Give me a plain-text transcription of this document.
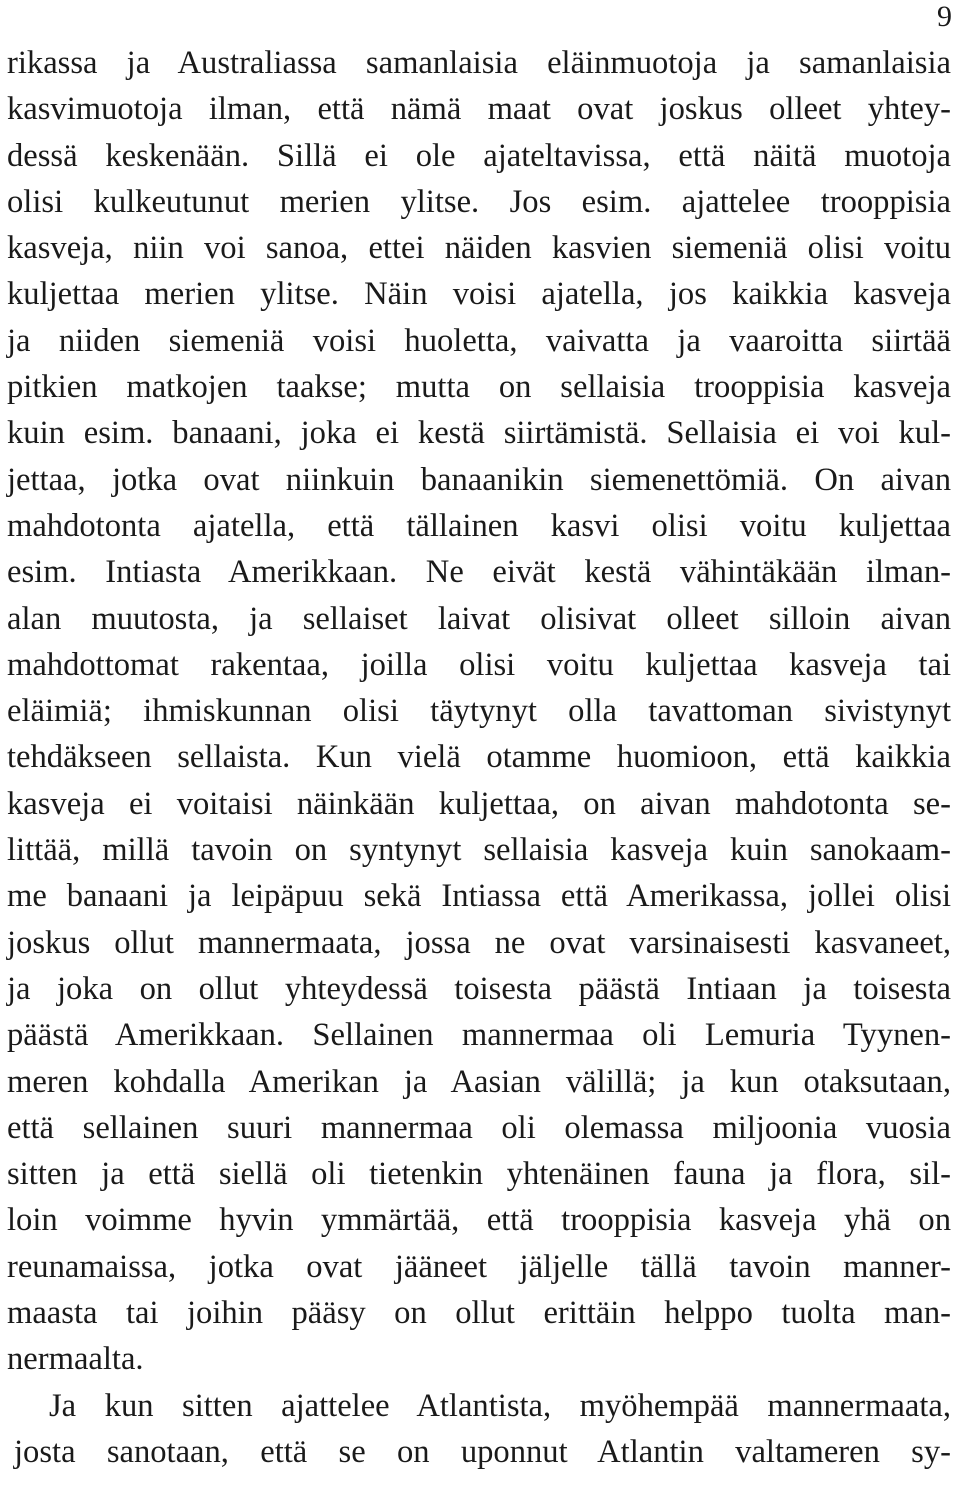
9
rikassa ja Australiassa samanlaisia eläinmuotoja ja samanlaisia
kasvimuotoja ilman, että nämä maat ovat joskus olleet yhtey-
dessä keskenään. Sillä ei ole ajateltavissa, että näitä muotoja
olisi kulkeutunut merien ylitse. Jos esim. ajattelee trooppisia
kasveja, niin voi sanoa, ettei näiden kasvien siemeniä olisi voitu
kuljettaa merien ylitse. Näin voisi ajatella, jos kaikkia kasveja
ja niiden siemeniä voisi huoletta, vaivatta ja vaaroitta siirtää
pitkien matkojen taakse; mutta on sellaisia trooppisia kasveja
kuin esim. banaani, joka ei kestä siirtämistä. Sellaisia ei voi kul-
jettaa, jotka ovat niinkuin banaanikin siemenettömiä. On aivan
mahdotonta ajatella, että tällainen kasvi olisi voitu kuljettaa
esim. Intiasta Amerikkaan. Ne eivät kestä vähintäkään ilman-
alan muutosta, ja sellaiset laivat olisivat olleet silloin aivan
mahdottomat rakentaa, joilla olisi voitu kuljettaa kasveja tai
eläimiä; ihmiskunnan olisi täytynyt olla tavattoman sivistynyt
tehdäkseen sellaista. Kun vielä otamme huomioon, että kaikkia
kasveja ei voitaisi näinkään kuljettaa, on aivan mahdotonta se-
littää, millä tavoin on syntynyt sellaisia kasveja kuin sanokaam-
me banaani ja leipäpuu sekä Intiassa että Amerikassa, jollei olisi
joskus ollut mannermaata, jossa ne ovat varsinaisesti kasvaneet,
ja joka on ollut yhteydessä toisesta päästä Intiaan ja toisesta
päästä Amerikkaan. Sellainen mannermaa oli Lemuria Tyynen-
meren kohdalla Amerikan ja Aasian välillä; ja kun otaksutaan,
että sellainen suuri mannermaa oli olemassa miljoonia vuosia
sitten ja että siellä oli tietenkin yhtenäinen fauna ja flora, sil-
loin voimme hyvin ymmärtää, että trooppisia kasveja yhä on
reunamaissa, jotka ovat jääneet jäljelle tällä tavoin manner-
maasta tai joihin pääsy on ollut erittäin helppo tuolta man-
nermaalta.
Ja kun sitten ajattelee Atlantista, myöhempää mannermaata,
josta sanotaan, että se on uponnut Atlantin valtameren sy-
